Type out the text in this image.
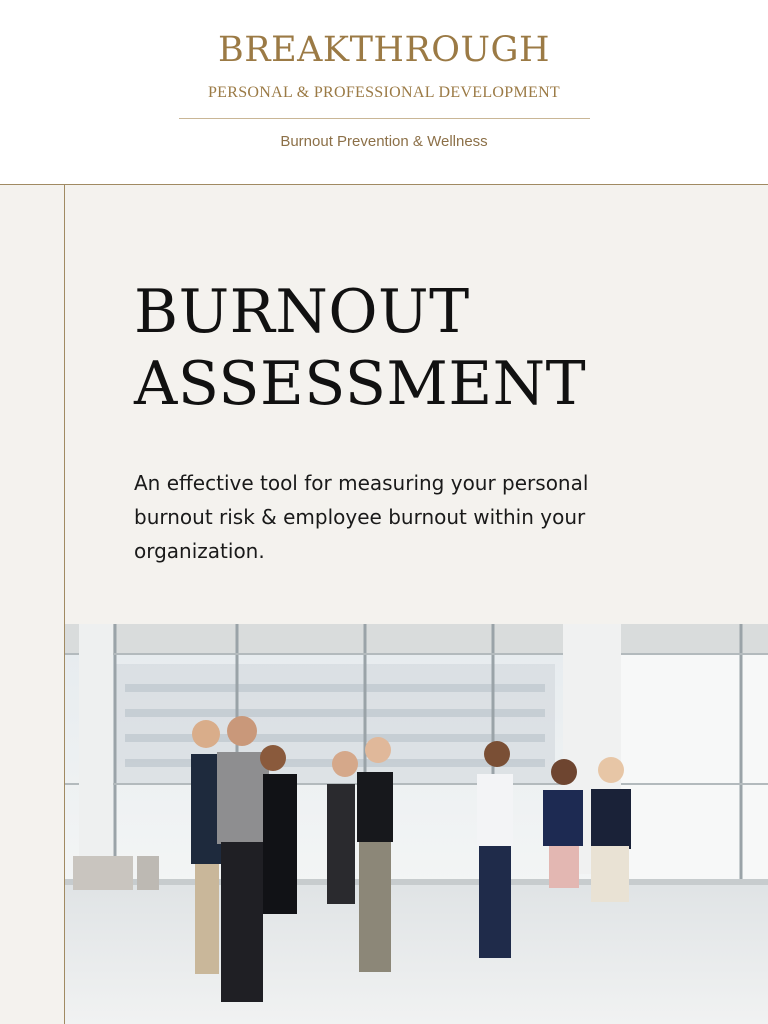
BREAKTHROUGH
PERSONAL & PROFESSIONAL DEVELOPMENT
Burnout Prevention & Wellness
BURNOUT
ASSESSMENT

An effective tool for measuring your personal burnout risk & employee burnout within your organization.
